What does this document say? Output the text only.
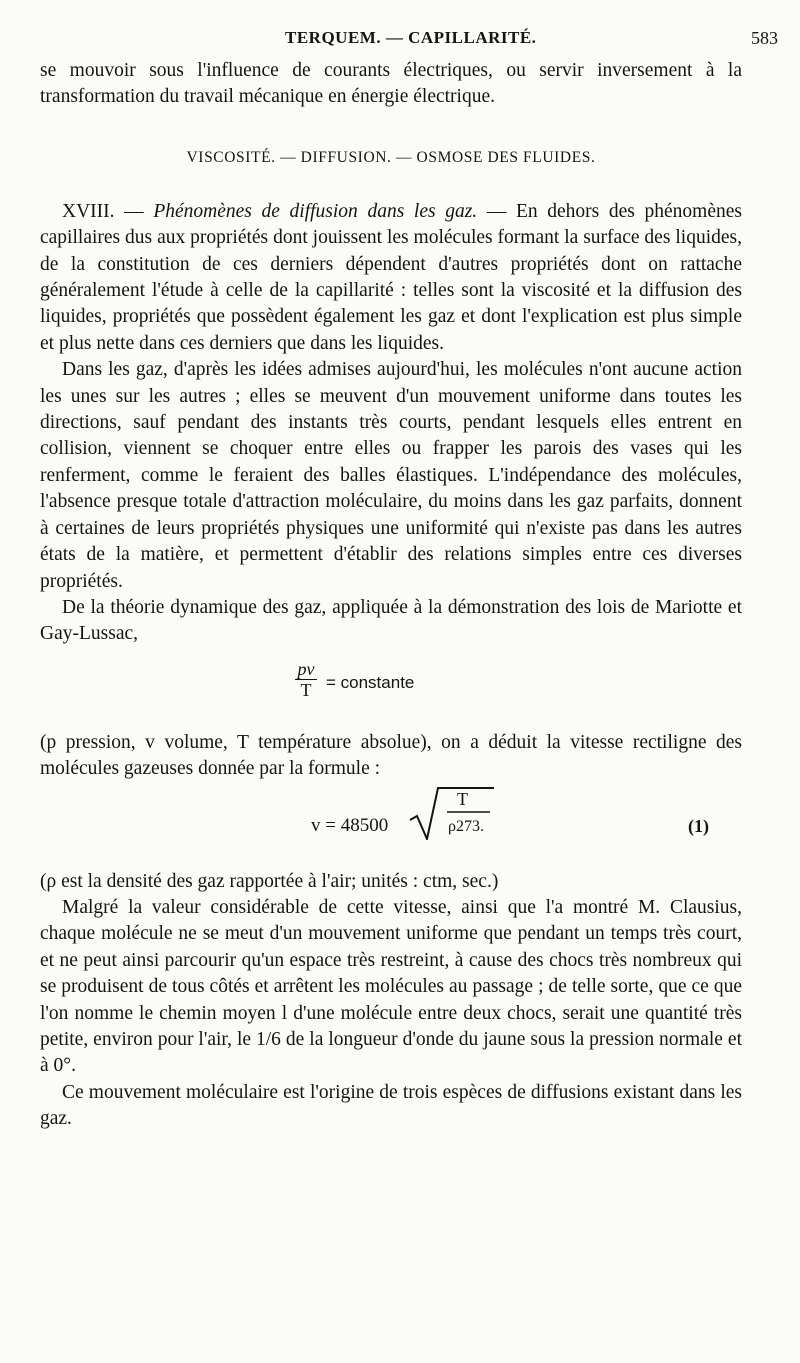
TERQUEM. — CAPILLARITÉ.	583

se mouvoir sous l'influence de courants électriques, ou servir inversement à la transformation du travail mécanique en énergie électrique.

VISCOSITÉ. — DIFFUSION. — OSMOSE DES FLUIDES.

XVIII. — Phénomènes de diffusion dans les gaz. — En dehors des phénomènes capillaires dus aux propriétés dont jouissent les molécules formant la surface des liquides, de la constitution de ces derniers dépendent d'autres propriétés dont on rattache généralement l'étude à celle de la capillarité : telles sont la viscosité et la diffusion des liquides, propriétés que possèdent également les gaz et dont l'explication est plus simple et plus nette dans ces derniers que dans les liquides.

Dans les gaz, d'après les idées admises aujourd'hui, les molécules n'ont aucune action les unes sur les autres ; elles se meuvent d'un mouvement uniforme dans toutes les directions, sauf pendant des instants très courts, pendant lesquels elles entrent en collision, viennent se choquer entre elles ou frapper les parois des vases qui les renferment, comme le feraient des balles élastiques. L'indépendance des molécules, l'absence presque totale d'attraction moléculaire, du moins dans les gaz parfaits, donnent à certaines de leurs propriétés physiques une uniformité qui n'existe pas dans les autres états de la matière, et permettent d'établir des relations simples entre ces diverses propriétés.

De la théorie dynamique des gaz, appliquée à la démonstration des lois de Mariotte et Gay-Lussac,

$\frac{pv}{T}$ = constante

(p pression, v volume, T température absolue), on a déduit la vitesse rectiligne des molécules gazeuses donnée par la formule :

v = 48500
T
ρ273.	(1)

(ρ est la densité des gaz rapportée à l'air; unités : ctm, sec.)

Malgré la valeur considérable de cette vitesse, ainsi que l'a montré M. Clausius, chaque molécule ne se meut d'un mouvement uniforme que pendant un temps très court, et ne peut ainsi parcourir qu'un espace très restreint, à cause des chocs très nombreux qui se produisent de tous côtés et arrêtent les molécules au passage ; de telle sorte, que ce que l'on nomme le chemin moyen l d'une molécule entre deux chocs, serait une quantité très petite, environ pour l'air, le 1/6 de la longueur d'onde du jaune sous la pression normale et à 0°.

Ce mouvement moléculaire est l'origine de trois espèces de diffusions existant dans les gaz.
